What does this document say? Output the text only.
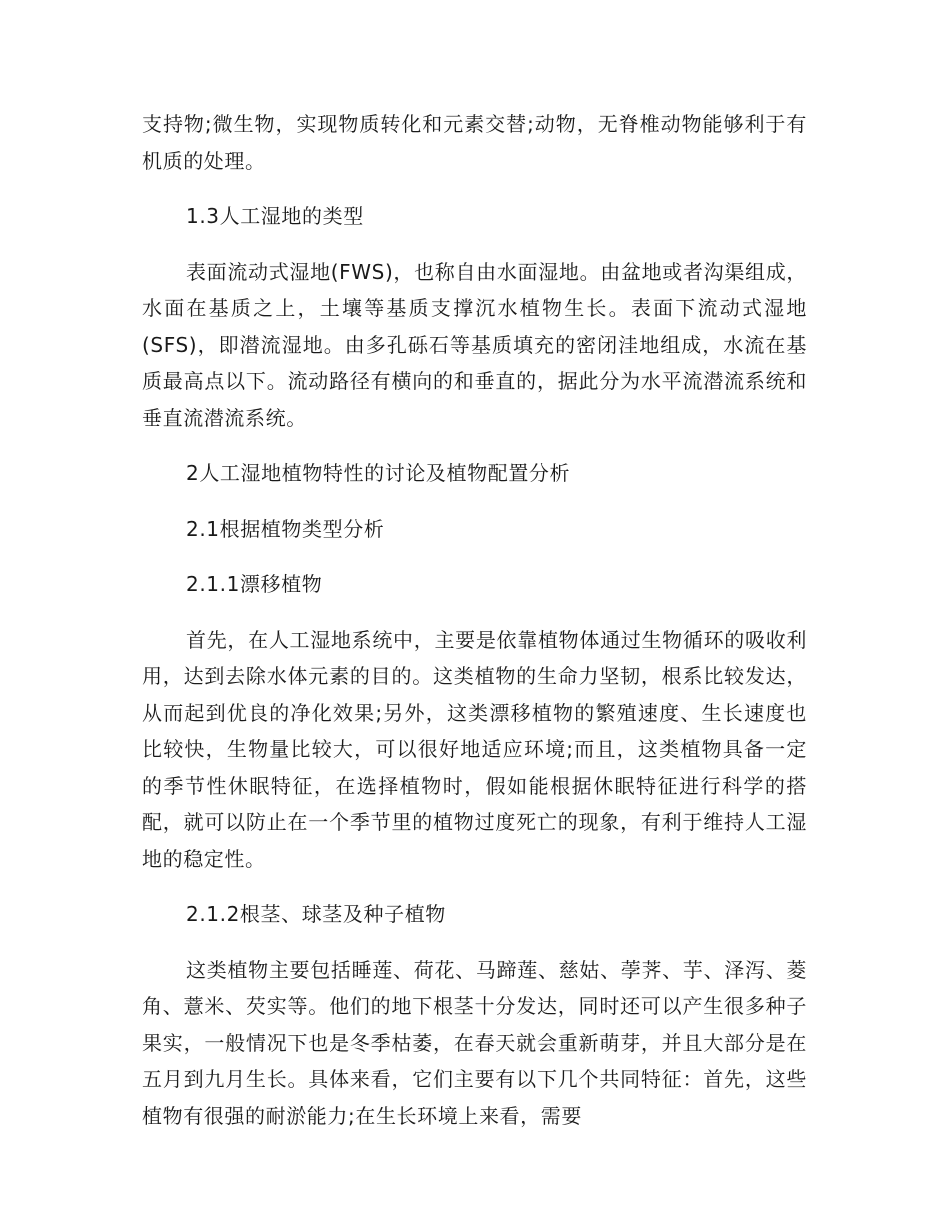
支持物;微生物，实现物质转化和元素交替;动物，无脊椎动物能够利于有机质的处理。

1.3人工湿地的类型

表面流动式湿地(FWS)，也称自由水面湿地。由盆地或者沟渠组成，水面在基质之上，土壤等基质支撑沉水植物生长。表面下流动式湿地(SFS)，即潜流湿地。由多孔砾石等基质填充的密闭洼地组成，水流在基质最高点以下。流动路径有横向的和垂直的，据此分为水平流潜流系统和垂直流潜流系统。

2人工湿地植物特性的讨论及植物配置分析

2.1根据植物类型分析

2.1.1漂移植物

首先，在人工湿地系统中，主要是依靠植物体通过生物循环的吸收利用，达到去除水体元素的目的。这类植物的生命力坚韧，根系比较发达，从而起到优良的净化效果;另外，这类漂移植物的繁殖速度、生长速度也比较快，生物量比较大，可以很好地适应环境;而且，这类植物具备一定的季节性休眠特征，在选择植物时，假如能根据休眠特征进行科学的搭配，就可以防止在一个季节里的植物过度死亡的现象，有利于维持人工湿地的稳定性。

2.1.2根茎、球茎及种子植物

这类植物主要包括睡莲、荷花、马蹄莲、慈姑、荸荠、芋、泽泻、菱角、薏米、芡实等。他们的地下根茎十分发达，同时还可以产生很多种子果实，一般情况下也是冬季枯萎，在春天就会重新萌芽，并且大部分是在五月到九月生长。具体来看，它们主要有以下几个共同特征：首先，这些植物有很强的耐淤能力;在生长环境上来看，需要
